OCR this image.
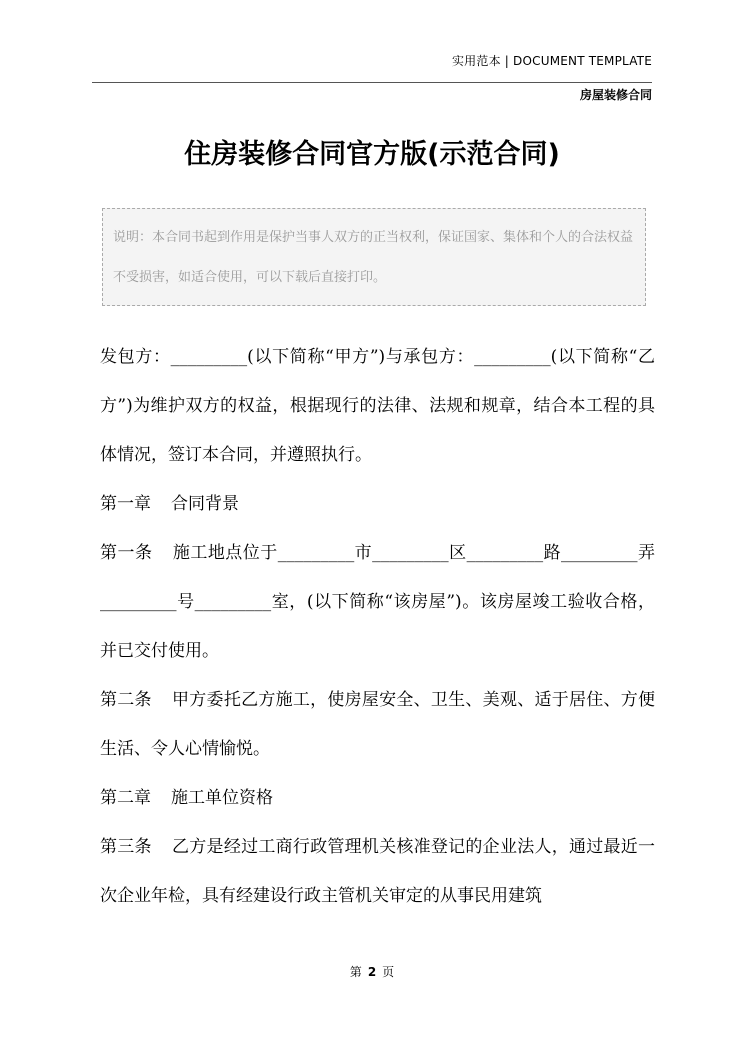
实用范本 | DOCUMENT TEMPLATE
房屋装修合同
住房装修合同官方版(示范合同)
说明：本合同书起到作用是保护当事人双方的正当权利，保证国家、集体和个人的合法权益不受损害，如适合使用，可以下载后直接打印。

发包方：_________(以下简称“甲方”)与承包方：_________(以下简称“乙方”)为维护双方的权益，根据现行的法律、法规和规章，结合本工程的具体情况，签订本合同，并遵照执行。

第一章 合同背景

第一条 施工地点位于_________市_________区_________路_________弄_________号_________室，(以下简称“该房屋”)。该房屋竣工验收合格，并已交付使用。

第二条 甲方委托乙方施工，使房屋安全、卫生、美观、适于居住、方便生活、令人心情愉悦。

第二章 施工单位资格

第三条 乙方是经过工商行政管理机关核准登记的企业法人，通过最近一次企业年检，具有经建设行政主管机关审定的从事民用建筑

第 2 页
